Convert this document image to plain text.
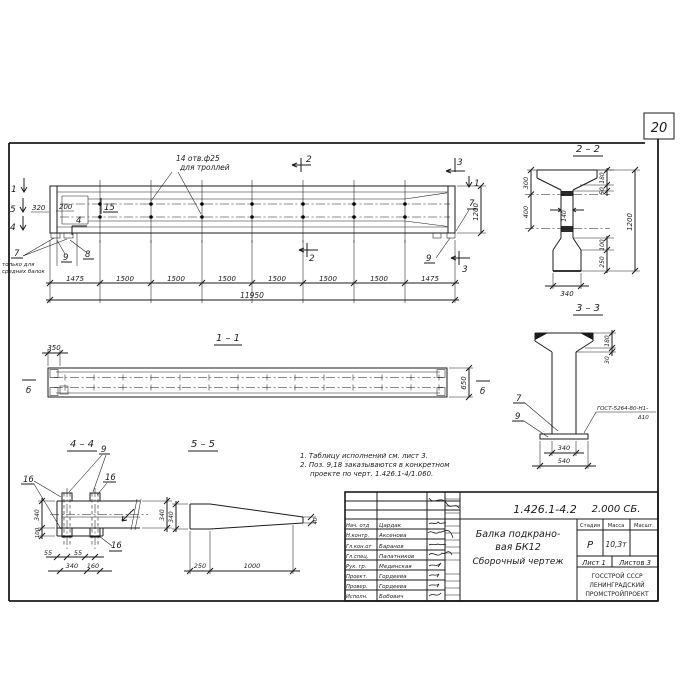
20
14 отв.ф25
для троллей
1
5
4
2
2
3
3
1
320 200	15
4
7
только для
средних балок
9 8
7
9
1200
1475	1500	1500	1500	1500	1500	1500	1475
11950
1 – 1
350
650
б	б
2 – 2
300
400
180
50
100
250
1200
140
340
3 – 3
180
30
340
540
7
9
ГОСТ-5264-80-Н1-
Δ10
4 – 4 9
16	16
16
340
100
340
55	55
340 160
5 – 5
340	40
250	1000
1. Таблицу исполнений см. лист 3.
2. Поз. 9,18 заказываются в конкретном
проекте по черт. 1.426.1-4/1.060.
1.426.1-4.2 2.000 СБ.
Балка подкрано-
вая БК12
Сборочный чертеж
Стадия Масса Масшт.
Р 10,3т
Лист 1 Листов 3
ГОССТРОЙ СССР
ЛЕНИНГРАДСКИЙ
ПРОМСТРОЙПРОЕКТ
Нач. отд Цардак
Н.контр. Аксенова
Гл.кон.от Баранов
Гл.спец. Палатников
Рук. гр. Мединская
Проект. Гордеева
Провер. Гордеева
Исполн. Бобович
